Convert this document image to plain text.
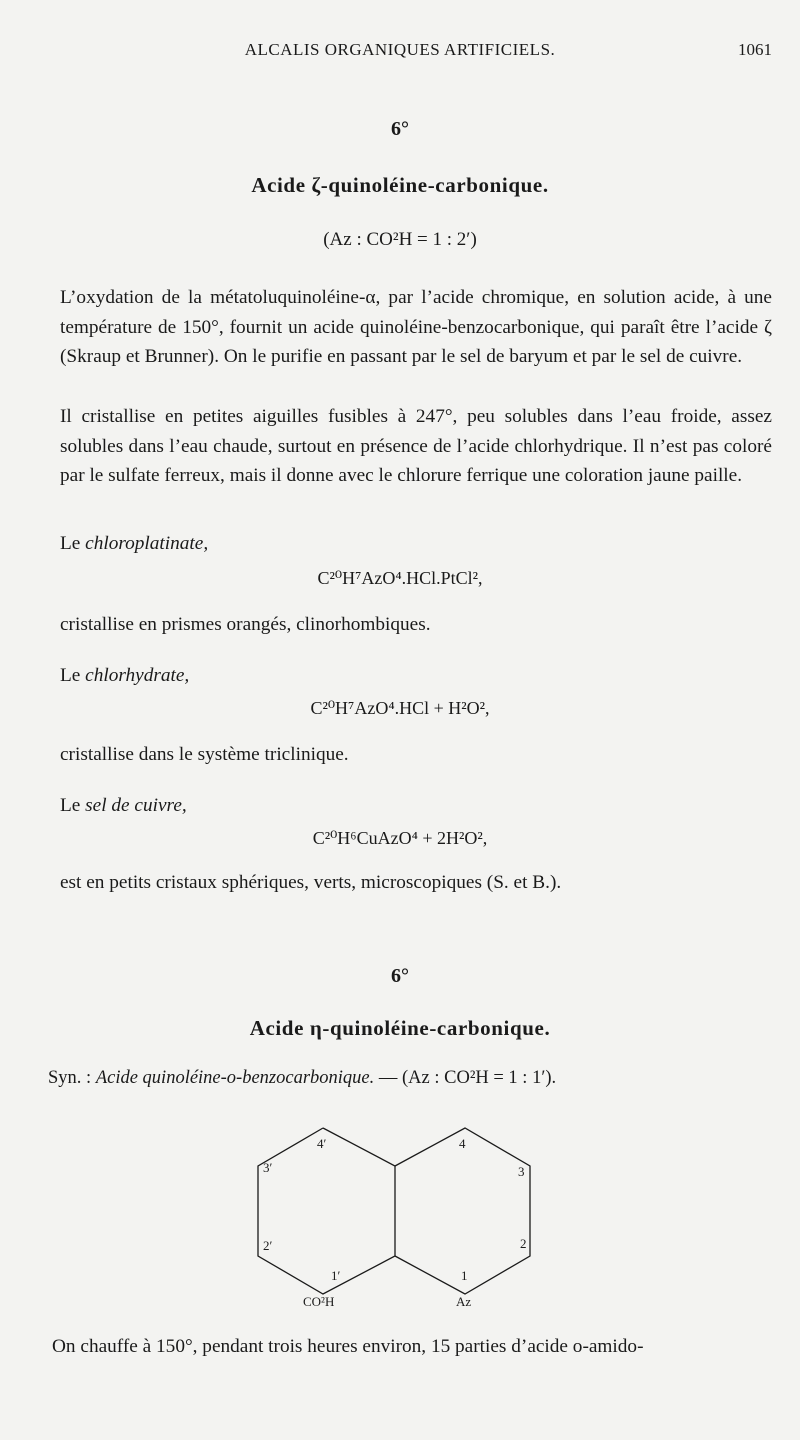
ALCALIS ORGANIQUES ARTIFICIELS.	1061
6°
Acide ζ-quinoléine-carbonique.
(Az : CO²H = 1 : 2′)

L’oxydation de la métatoluquinoléine-α, par l’acide chromique, en solution acide, à une température de 150°, fournit un acide quinoléine-benzocarbonique, qui paraît être l’acide ζ (Skraup et Brunner). On le purifie en passant par le sel de baryum et par le sel de cuivre.

Il cristallise en petites aiguilles fusibles à 247°, peu solubles dans l’eau froide, assez solubles dans l’eau chaude, surtout en présence de l’acide chlorhydrique. Il n’est pas coloré par le sulfate ferreux, mais il donne avec le chlorure ferrique une coloration jaune paille.

Le chloroplatinate,
C²⁰H⁷AzO⁴.HCl.PtCl²,
cristallise en prismes orangés, clinorhombiques.
Le chlorhydrate,
C²⁰H⁷AzO⁴.HCl + H²O²,
cristallise dans le système triclinique.
Le sel de cuivre,
C²⁰H⁶CuAzO⁴ + 2H²O²,
est en petits cristaux sphériques, verts, microscopiques (S. et B.).
6°
Acide η-quinoléine-carbonique.
Syn. : Acide quinoléine-o-benzocarbonique. — (Az : CO²H = 1 : 1′).
4′	4
3′	3
2′	2
1′	1
CO²H	Az
On chauffe à 150°, pendant trois heures environ, 15 parties d’acide o-amido-
